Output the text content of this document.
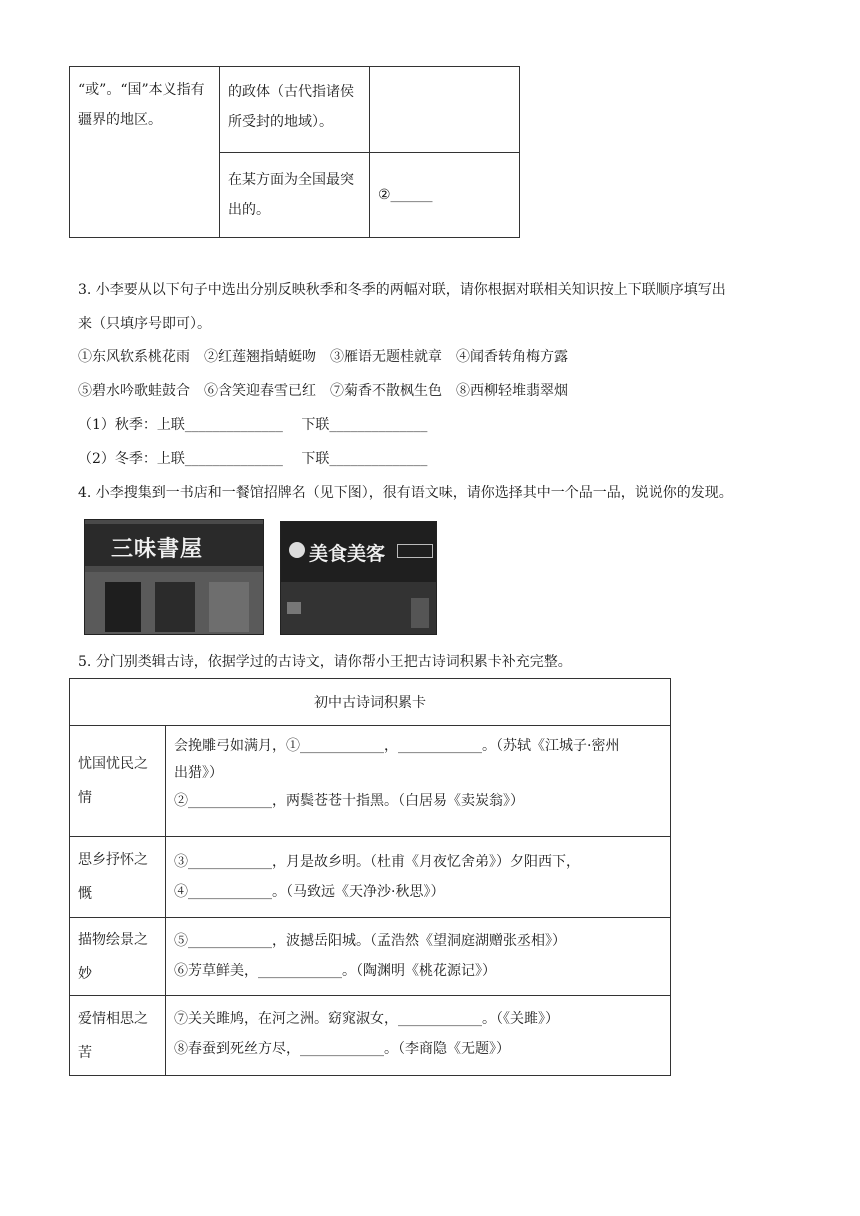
“或”。“国”本义指有疆界的地区。	的政体（古代指诸侯所受封的地域）。	

	在某方面为全国最突出的。	②______
3. 小李要从以下句子中选出分别反映秋季和冬季的两幅对联，请你根据对联相关知识按上下联顺序填写出
来（只填序号即可）。
①东风软系桃花雨　②红莲翘指蜻蜓吻　③雁语无题桂就章　④闻香转角梅方露
⑤碧水吟歌蛙鼓合　⑥含笑迎春雪已红　⑦菊香不散枫生色　⑧西柳轻堆翡翠烟
（1）秋季：上联______________　 下联______________
（2）冬季：上联______________　 下联______________
4. 小李搜集到一书店和一餐馆招牌名（见下图），很有语文味，请你选择其中一个品一品，说说你的发现。
三味書屋	美食美客
5. 分门别类辑古诗，依据学过的古诗文，请你帮小王把古诗词积累卡补充完整。
初中古诗词积累卡	

忧国忧民之情	会挽雕弓如满月，①____________，____________。（苏轼《江城子·密州
出猎》）
②____________，两鬓苍苍十指黑。（白居易《卖炭翁》）

思乡抒怀之慨	③____________，月是故乡明。（杜甫《月夜忆舍弟》）夕阳西下，
④____________。（马致远《天净沙·秋思》）

描物绘景之妙	⑤____________，波撼岳阳城。（孟浩然《望洞庭湖赠张丞相》）
⑥芳草鲜美，____________。（陶渊明《桃花源记》）

爱情相思之苦	⑦关关雎鸠，在河之洲。窈窕淑女，____________。（《关雎》）
⑧春蚕到死丝方尽，____________。（李商隐《无题》）
